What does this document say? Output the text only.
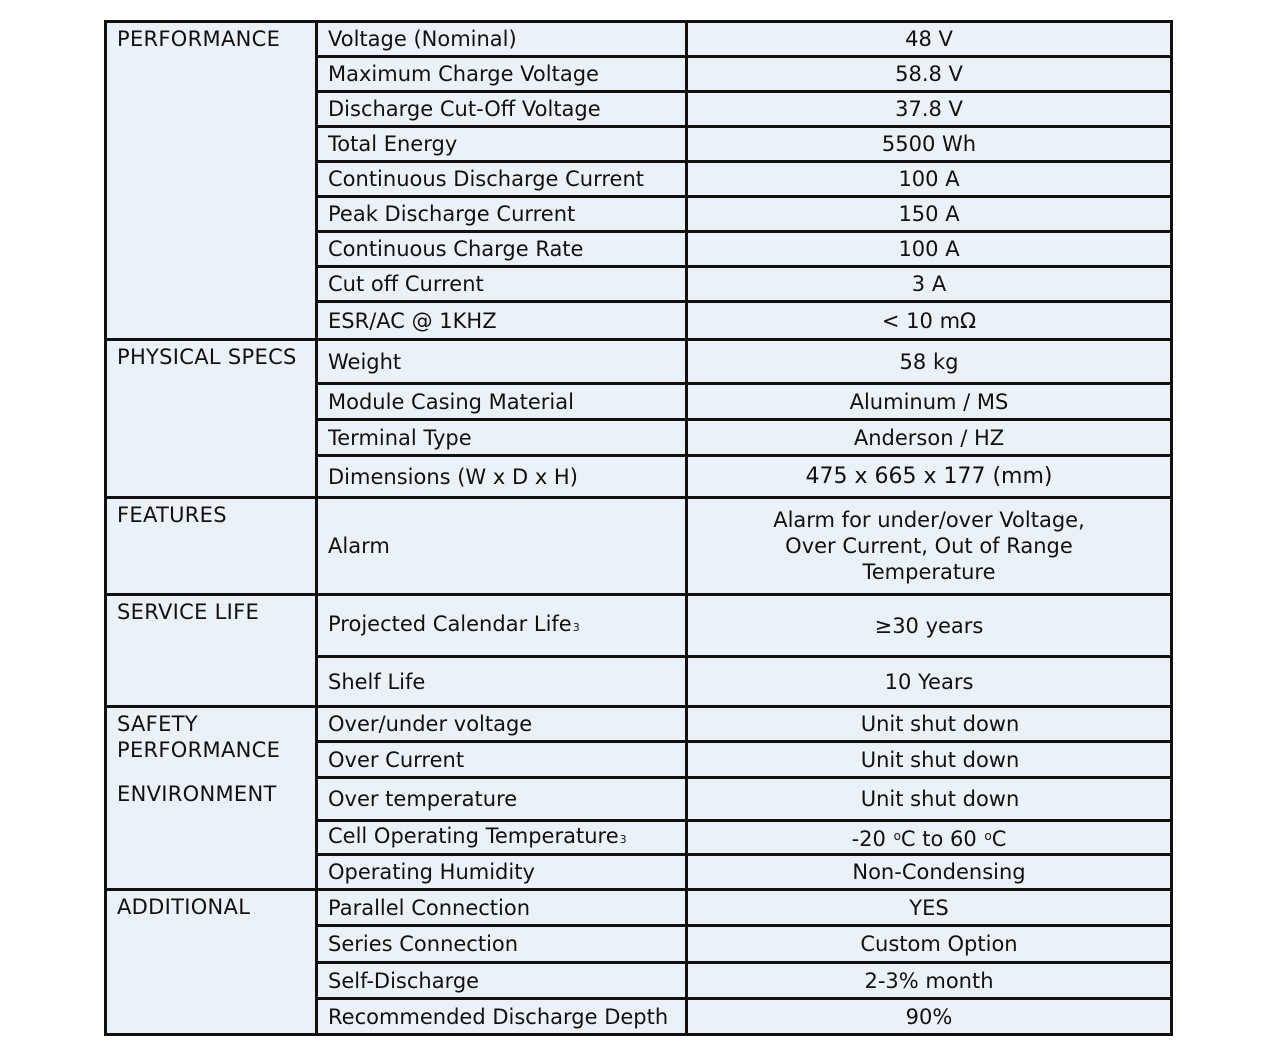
PERFORMANCE	Voltage (Nominal)	48 V
	Maximum Charge Voltage	58.8 V
	Discharge Cut-Off Voltage	37.8 V
	Total Energy	5500 Wh
	Continuous Discharge Current	100 A
	Peak Discharge Current	150 A
	Continuous Charge Rate	100 A
	Cut off Current	3 A
	ESR/AC @ 1KHZ	< 10 mΩ
PHYSICAL SPECS	Weight	58 kg
	Module Casing Material	Aluminum / MS
	Terminal Type	Anderson / HZ
	Dimensions (W x D x H)	475 x 665 x 177 (mm)
FEATURES	Alarm	Alarm for under/over Voltage,
Over Current, Out of Range
Temperature

SERVICE LIFE	Projected Calendar Life3	≥30 years
	Shelf Life	10 Years

SAFETY
PERFORMANCE
ENVIRONMENT	Over/under voltage	Unit shut down
	Over Current	Unit shut down
	Over temperature	Unit shut down
	Cell Operating Temperature3	-20 $^o$C to 60 $^o$C
	Operating Humidity	Non-Condensing
ADDITIONAL	Parallel Connection	YES
	Series Connection	Custom Option
	Self-Discharge	2-3% month
	Recommended Discharge Depth	90%
